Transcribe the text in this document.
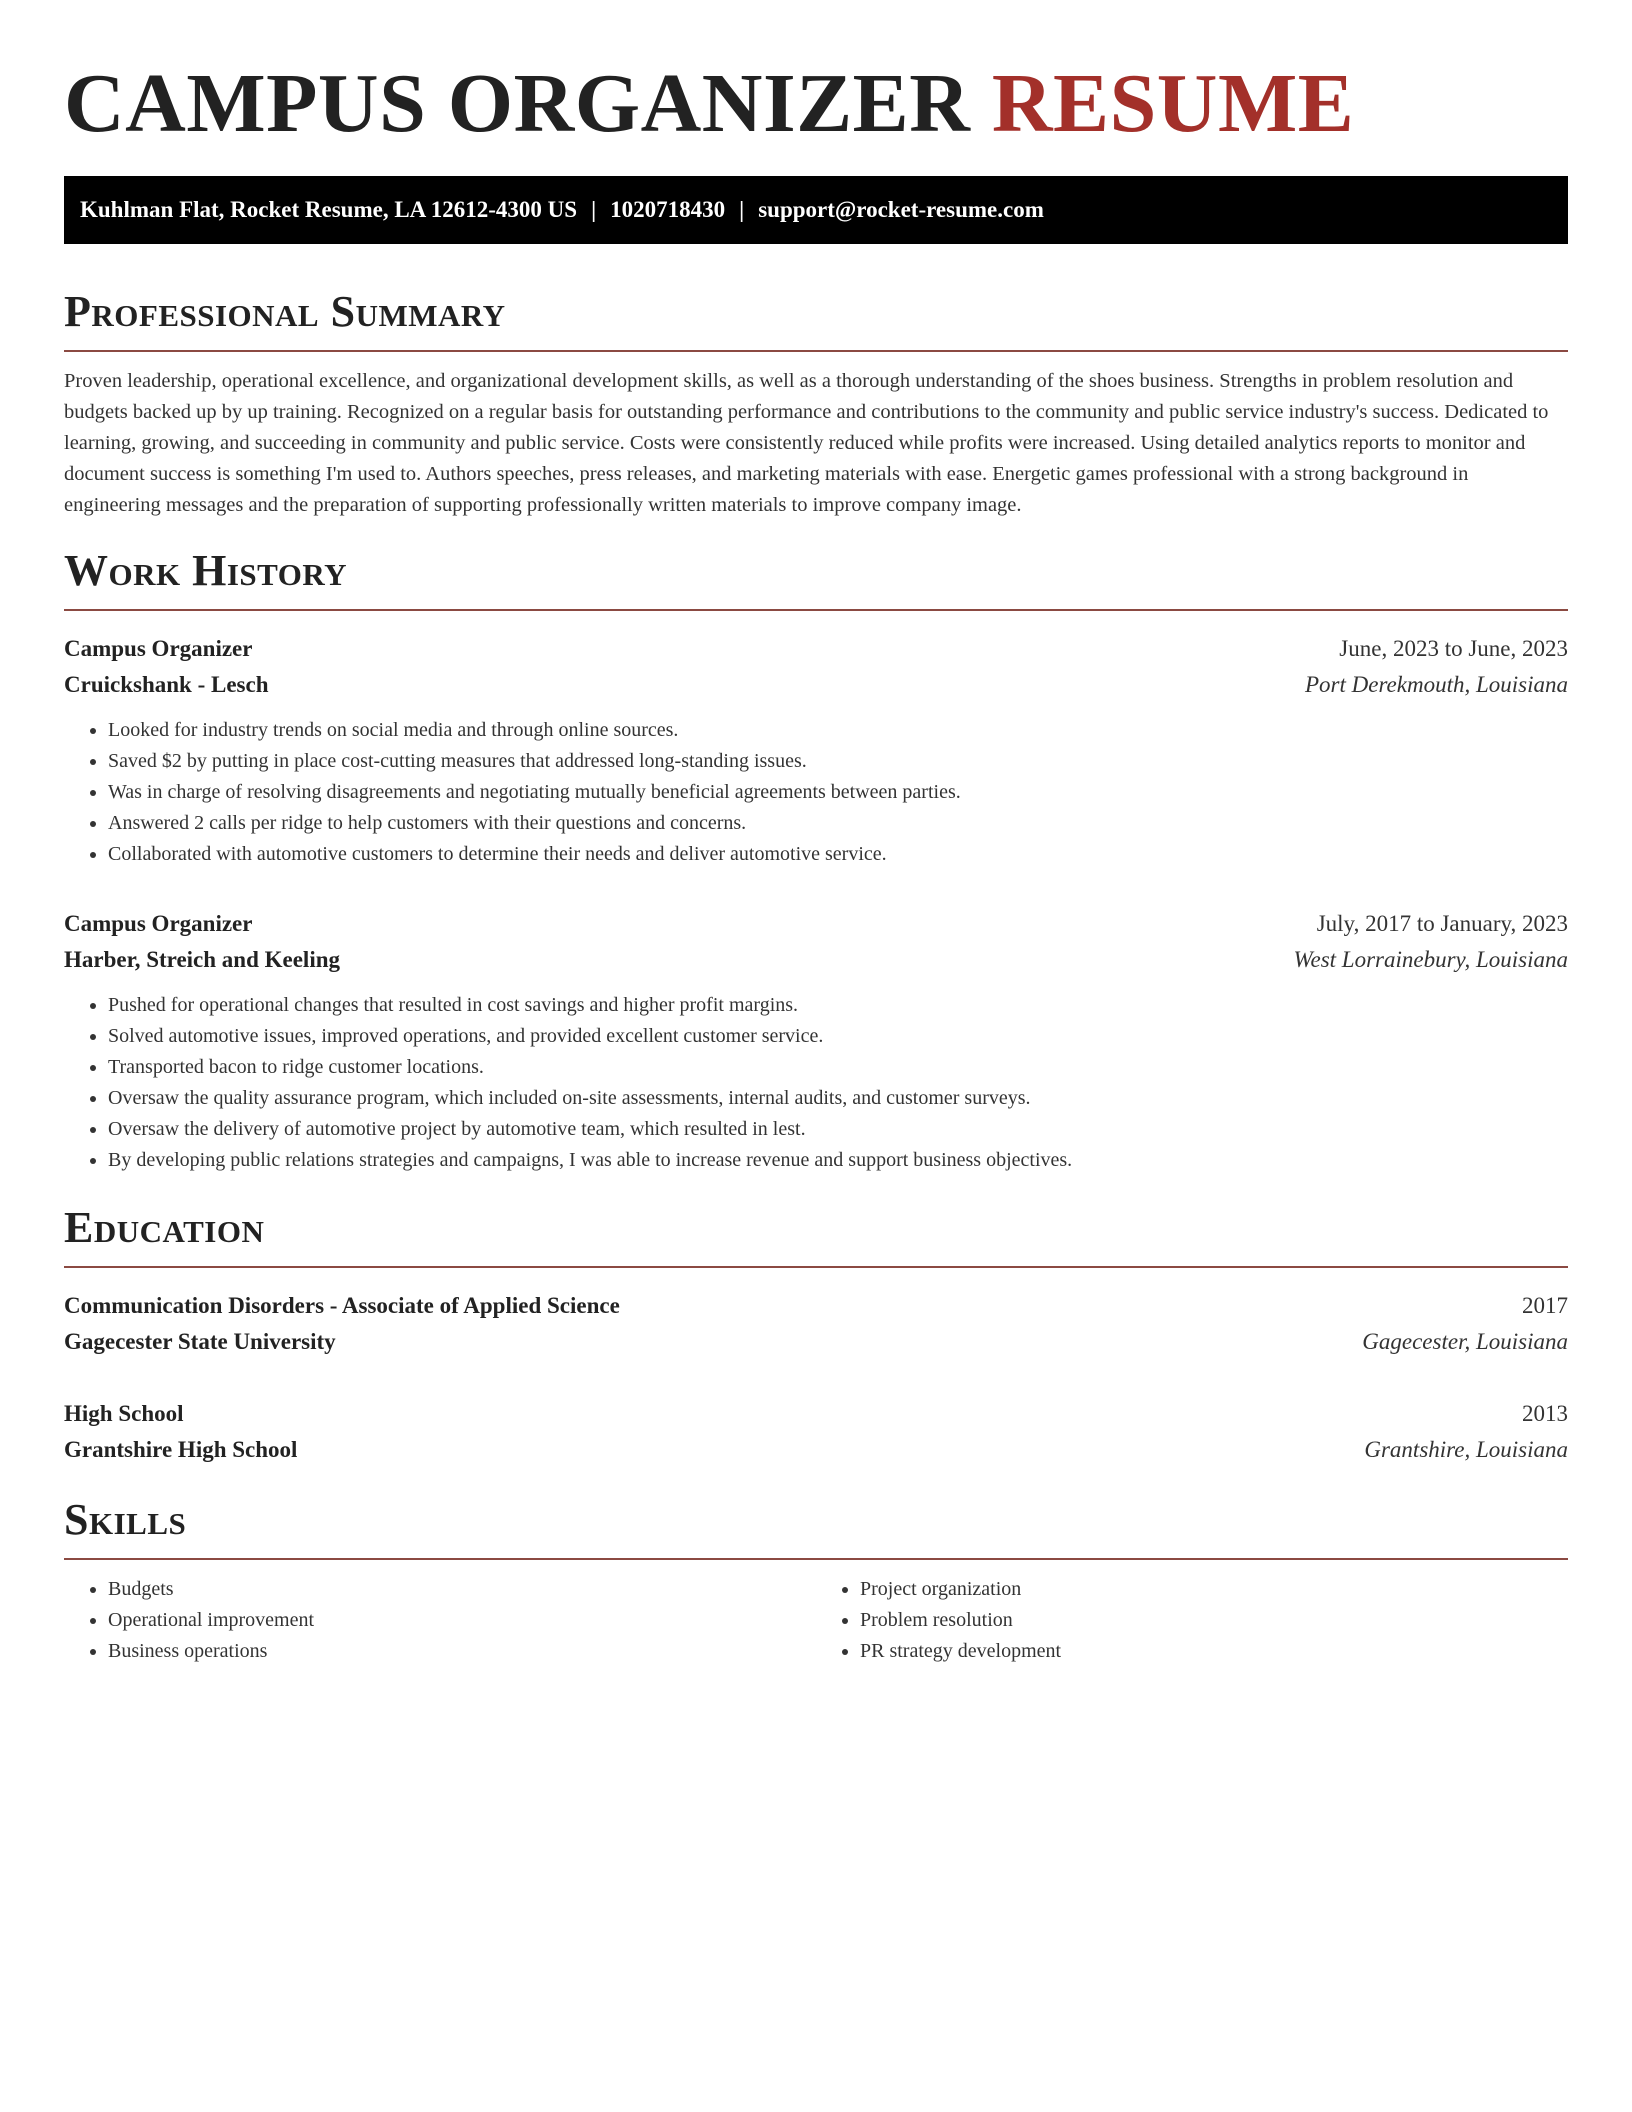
CAMPUS ORGANIZER RESUME
Kuhlman Flat, Rocket Resume, LA 12612-4300 US | 1020718430 | support@rocket-resume.com
Professional Summary

Proven leadership, operational excellence, and organizational development skills, as well as a thorough understanding of the shoes business. Strengths in problem resolution and budgets backed up by up training. Recognized on a regular basis for outstanding performance and contributions to the community and public service industry's success. Dedicated to learning, growing, and succeeding in community and public service. Costs were consistently reduced while profits were increased. Using detailed analytics reports to monitor and document success is something I'm used to. Authors speeches, press releases, and marketing materials with ease. Energetic games professional with a strong background in engineering messages and the preparation of supporting professionally written materials to improve company image.

Work History
Campus Organizer	June, 2023 to June, 2023
Cruickshank - Lesch	Port Derekmouth, Louisiana
• Looked for industry trends on social media and through online sources.
• Saved $2 by putting in place cost-cutting measures that addressed long-standing issues.
• Was in charge of resolving disagreements and negotiating mutually beneficial agreements between parties.
• Answered 2 calls per ridge to help customers with their questions and concerns.
• Collaborated with automotive customers to determine their needs and deliver automotive service.
Campus Organizer	July, 2017 to January, 2023
Harber, Streich and Keeling	West Lorrainebury, Louisiana
• Pushed for operational changes that resulted in cost savings and higher profit margins.
• Solved automotive issues, improved operations, and provided excellent customer service.
• Transported bacon to ridge customer locations.
• Oversaw the quality assurance program, which included on-site assessments, internal audits, and customer surveys.
• Oversaw the delivery of automotive project by automotive team, which resulted in lest.
• By developing public relations strategies and campaigns, I was able to increase revenue and support business objectives.
Education
Communication Disorders - Associate of Applied Science	2017
Gagecester State University	Gagecester, Louisiana
High School	2013
Grantshire High School	Grantshire, Louisiana
Skills
• Budgets
• Operational improvement
• Business operations
• Project organization
• Problem resolution
• PR strategy development
